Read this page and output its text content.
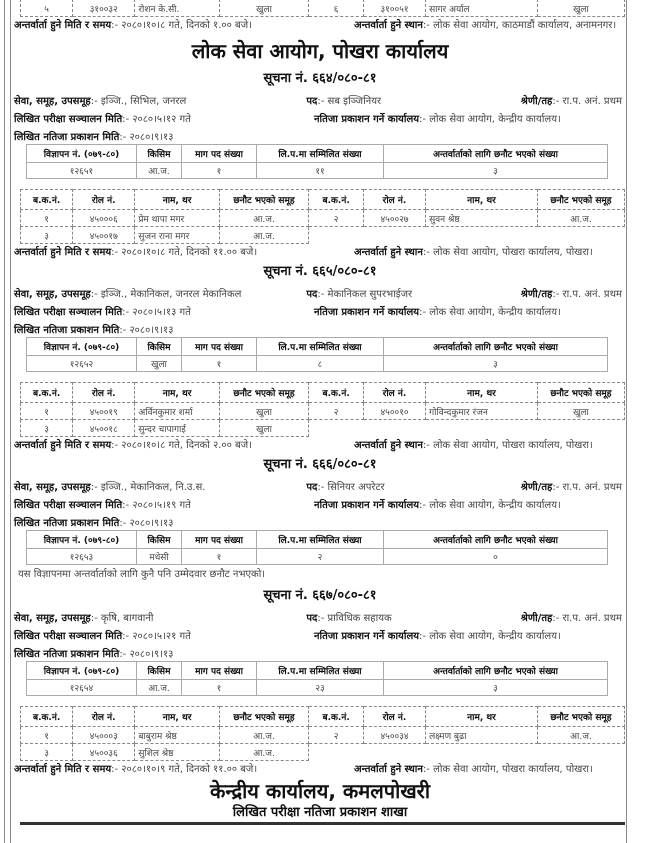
५	३१००३२	रोशन के.सी.	खुला	६	३१००५१	सागर अर्याल	खुला
अन्तर्वार्ता हुने मिति र समय:- २०८०।१०।८ गते, दिनको १.०० बजे।	अन्तर्वार्ता हुने स्थान:- लोक सेवा आयोग, काठमाडौं कार्यालय, अनामनगर।
लोक सेवा आयोग, पोखरा कार्यालय
सूचना नं. ६६४/०८०-८१
सेवा, समूह, उपसमूह:- इञ्जि., सिभिल, जनरल	पद:- सब इञ्जिनियर	श्रेणी/तह:- रा.प. अनं. प्रथम
लिखित परीक्षा सञ्चालन मिति:- २०८०।५।१२ गते	नतिजा प्रकाशन गर्ने कार्यालय:- लोक सेवा आयोग, केन्द्रीय कार्यालय।
लिखित नतिजा प्रकाशन मिति:- २०८०।९।१३
विज्ञापन नं. (०७९-८०)	किसिम	माग पद संख्या	लि.प.मा सम्मिलित संख्या	अन्तर्वार्ताको लागि छनौट भएको संख्या
१२६५१	आ.ज.	१	११	३
ब.क.नं.	रोल नं.	नाम, थर	छनौट भएको समूह	ब.क.नं.	रोल नं.	नाम, थर	छनौट भएको समूह
१	४५०००६	प्रेम थापा मगर	आ.ज.	२	४५००२७	सुवन श्रेष्ठ	आ.ज.
३	४५००१७	सुजन राना मगर	आ.ज.				
अन्तर्वार्ता हुने मिति र समय:- २०८०।१०।८ गते, दिनको ११.०० बजे।	अन्तर्वार्ता हुने स्थान:- लोक सेवा आयोग, पोखरा कार्यालय, पोखरा।
सूचना नं. ६६५/०८०-८१
सेवा, समूह, उपसमूह:- इञ्जि., मेकानिकल, जनरल मेकानिकल	पद:- मेकानिकल सुपरभाईजर	श्रेणी/तह:- रा.प. अनं. प्रथम
लिखित परीक्षा सञ्चालन मिति:- २०८०।५।१३ गते	नतिजा प्रकाशन गर्ने कार्यालय:- लोक सेवा आयोग, केन्द्रीय कार्यालय।
लिखित नतिजा प्रकाशन मिति:- २०८०।९।१३
विज्ञापन नं. (०७९-८०)	किसिम	माग पद संख्या	लि.प.मा सम्मिलित संख्या	अन्तर्वार्ताको लागि छनौट भएको संख्या
१२६५२	खुला	१	८	३
ब.क.नं.	रोल नं.	नाम, थर	छनौट भएको समूह	ब.क.नं.	रोल नं.	नाम, थर	छनौट भएको समूह
१	४५००१९	अर्विनकुमार शर्मा	खुला	२	४५००१०	गोविन्दकुमार रंजन	खुला
३	४५००१८	सुन्दर चापागाई	खुला				
अन्तर्वार्ता हुने मिति र समय:- २०८०।१०।८ गते, दिनको २.०० बजे।	अन्तर्वार्ता हुने स्थान:- लोक सेवा आयोग, पोखरा कार्यालय, पोखरा।
सूचना नं. ६६६/०८०-८१
सेवा, समूह, उपसमूह:- इञ्जि., मेकानिकल, नि.उ.स.	पद:- सिनियर अपरेटर	श्रेणी/तह:- रा.प. अनं. प्रथम
लिखित परीक्षा सञ्चालन मिति:- २०८०।५।१९ गते	नतिजा प्रकाशन गर्ने कार्यालय:- लोक सेवा आयोग, केन्द्रीय कार्यालय।
लिखित नतिजा प्रकाशन मिति:- २०८०।९।१३
विज्ञापन नं. (०७९-८०)	किसिम	माग पद संख्या	लि.प.मा सम्मिलित संख्या	अन्तर्वार्ताको लागि छनौट भएको संख्या
१२६५३	मधेसी	१	२	०
यस विज्ञापनमा अन्तर्वार्ताको लागि कुनै पनि उम्मेदवार छनौट नभएको।
सूचना नं. ६६७/०८०-८१
सेवा, समूह, उपसमूह:- कृषि, बागवानी	पद:- प्राविधिक सहायक	श्रेणी/तह:- रा.प. अनं. प्रथम
लिखित परीक्षा सञ्चालन मिति:- २०८०।५।२१ गते	नतिजा प्रकाशन गर्ने कार्यालय:- लोक सेवा आयोग, केन्द्रीय कार्यालय।
लिखित नतिजा प्रकाशन मिति:- २०८०।९।१३
विज्ञापन नं. (०७९-८०)	किसिम	माग पद संख्या	लि.प.मा सम्मिलित संख्या	अन्तर्वार्ताको लागि छनौट भएको संख्या
१२६५४	आ.ज.	१	२३	३
ब.क.नं.	रोल नं.	नाम, थर	छनौट भएको समूह	ब.क.नं.	रोल नं.	नाम, थर	छनौट भएको समूह
१	४५०००३	बाबुराम श्रेष्ठ	आ.ज.	२	४५००३४	लक्ष्मण बुढा	आ.ज.
३	४५००३६	सुशिल श्रेष्ठ	आ.ज.				
अन्तर्वार्ता हुने मिति र समय:- २०८०।१०।९ गते, दिनको ११.०० बजे।	अन्तर्वार्ता हुने स्थान:- लोक सेवा आयोग, पोखरा कार्यालय, पोखरा।
केन्द्रीय कार्यालय, कमलपोखरी
लिखित परीक्षा नतिजा प्रकाशन शाखा
